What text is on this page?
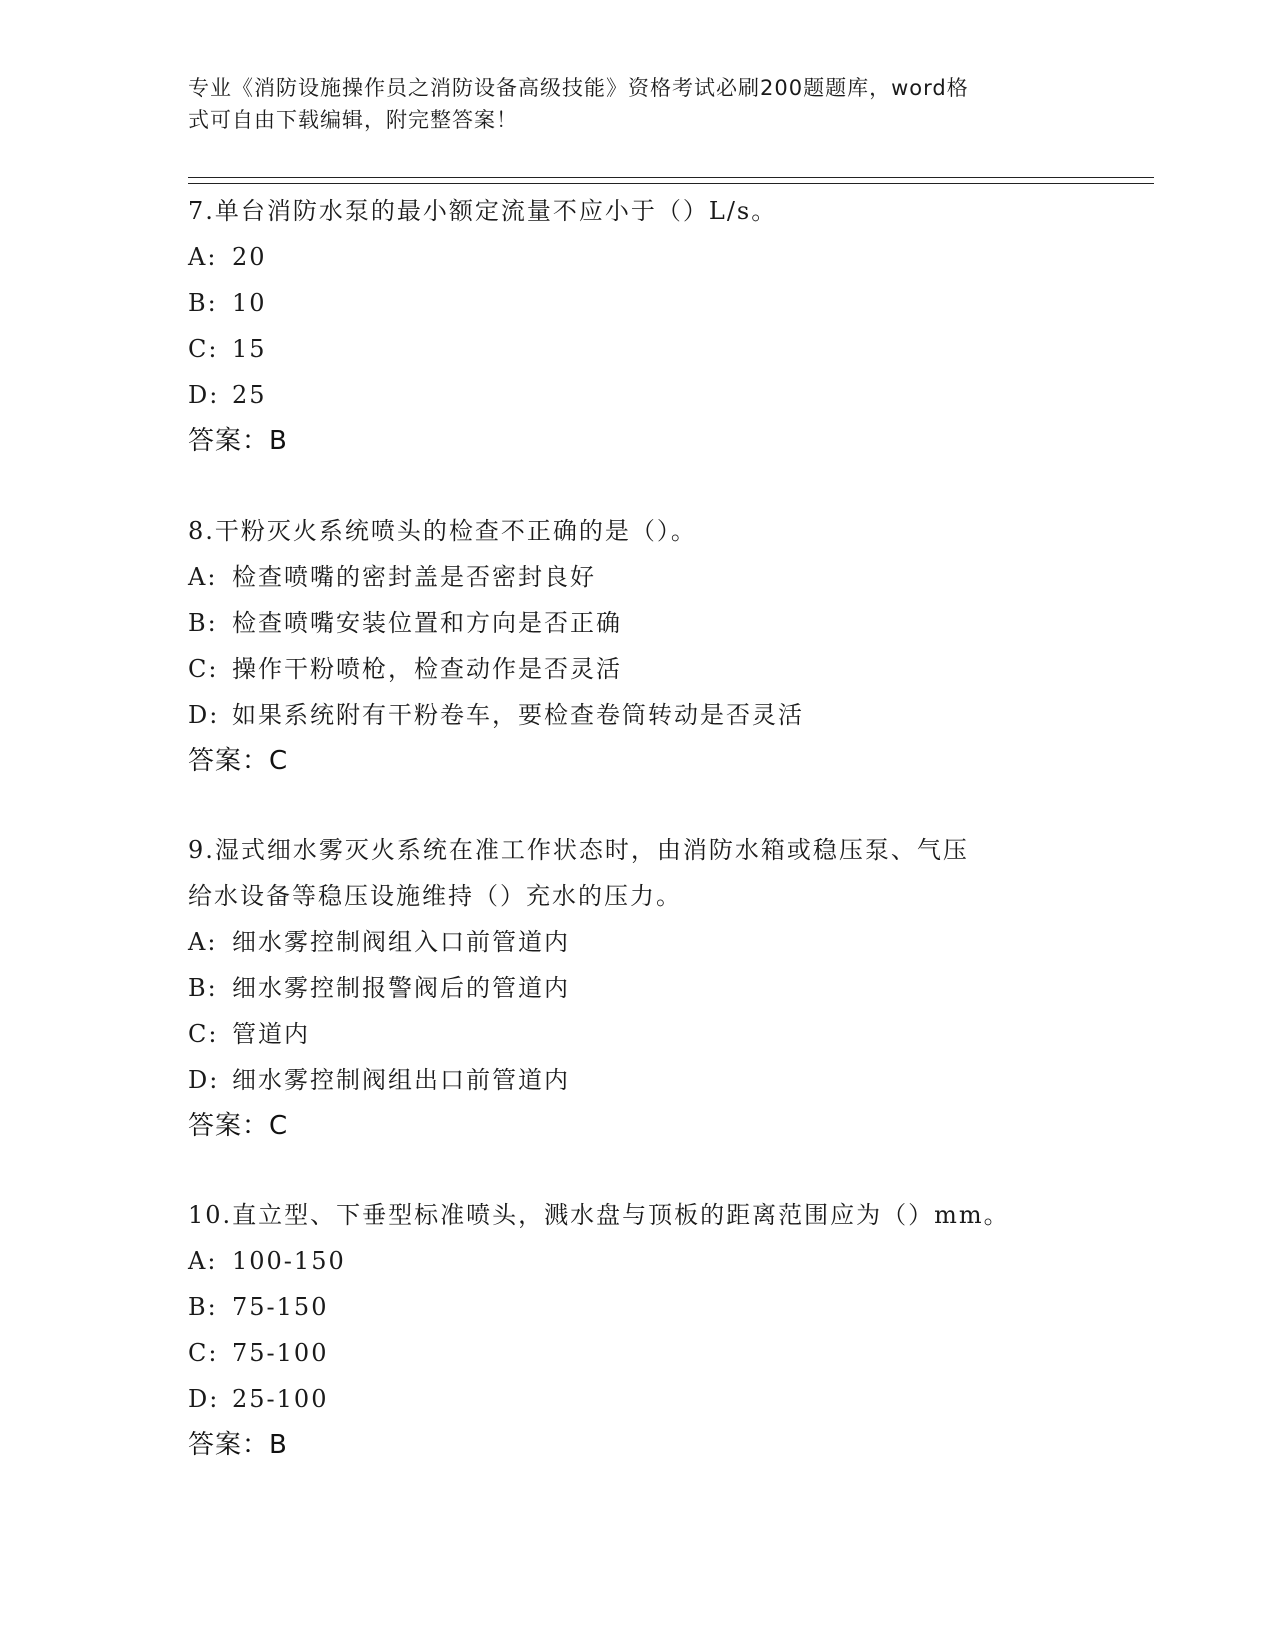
专业《消防设施操作员之消防设备高级技能》资格考试必刷200题题库，word格
式可自由下载编辑，附完整答案！
7.单台消防水泵的最小额定流量不应小于（）L/s。
A: 20
B: 10
C: 15
D: 25
答案：B
8.干粉灭火系统喷头的检查不正确的是（）。
A: 检查喷嘴的密封盖是否密封良好
B: 检查喷嘴安装位置和方向是否正确
C: 操作干粉喷枪，检查动作是否灵活
D: 如果系统附有干粉卷车，要检查卷筒转动是否灵活
答案：C
9.湿式细水雾灭火系统在准工作状态时，由消防水箱或稳压泵、气压
给水设备等稳压设施维持（）充水的压力。
A: 细水雾控制阀组入口前管道内
B: 细水雾控制报警阀后的管道内
C: 管道内
D: 细水雾控制阀组出口前管道内
答案：C
10.直立型、下垂型标准喷头，溅水盘与顶板的距离范围应为（）mm。
A: 100-150
B: 75-150
C: 75-100
D: 25-100
答案：B
